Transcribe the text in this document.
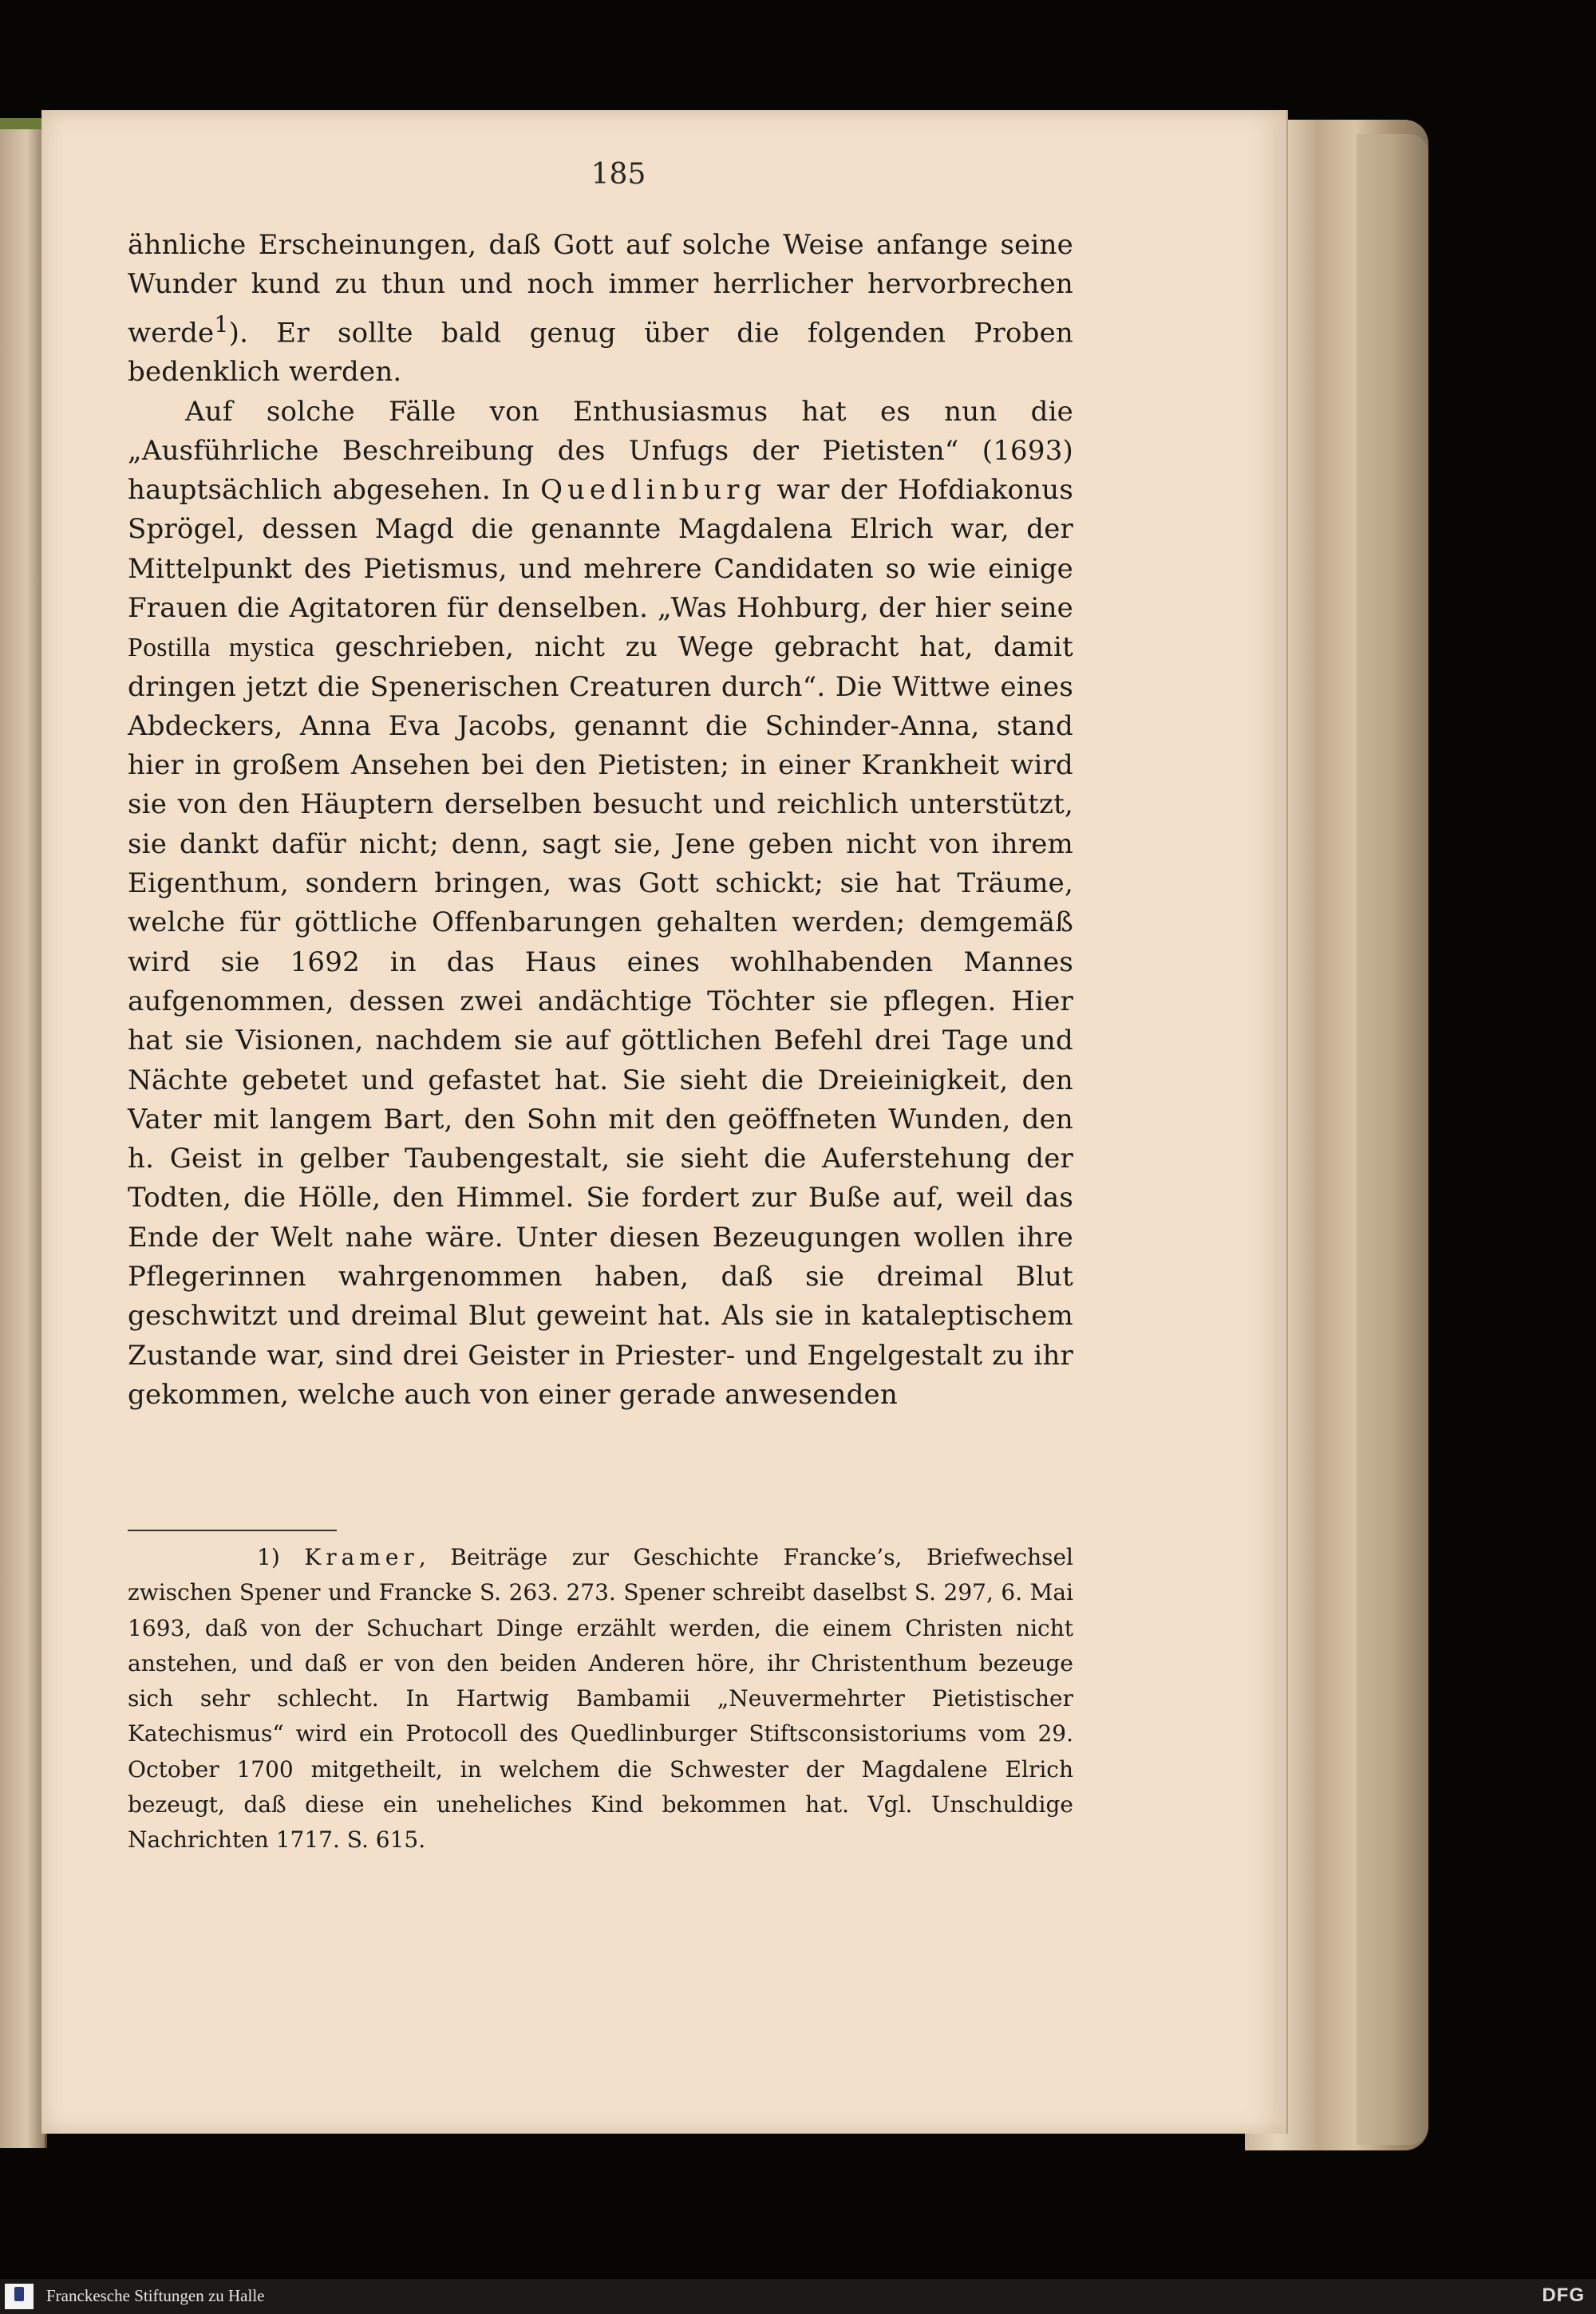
185

ähnliche Erscheinungen, daß Gott auf solche Weise anfange seine Wunder kund zu thun und noch immer herrlicher hervorbrechen werde$^1$). Er sollte bald genug über die folgenden Proben bedenklich werden.

Auf solche Fälle von Enthusiasmus hat es nun die „Ausführliche Beschreibung des Unfugs der Pietisten“ (1693) hauptsächlich abgesehen. In Quedlinburg war der Hofdiakonus Sprögel, dessen Magd die genannte Magdalena Elrich war, der Mittelpunkt des Pietismus, und mehrere Candidaten so wie einige Frauen die Agitatoren für denselben. „Was Hohburg, der hier seine Postilla mystica geschrieben, nicht zu Wege gebracht hat, damit dringen jetzt die Spenerischen Creaturen durch“. Die Wittwe eines Abdeckers, Anna Eva Jacobs, genannt die Schinder-Anna, stand hier in großem Ansehen bei den Pietisten; in einer Krankheit wird sie von den Häuptern derselben besucht und reichlich unterstützt, sie dankt dafür nicht; denn, sagt sie, Jene geben nicht von ihrem Eigenthum, sondern bringen, was Gott schickt; sie hat Träume, welche für göttliche Offenbarungen gehalten werden; demgemäß wird sie 1692 in das Haus eines wohlhabenden Mannes aufgenommen, dessen zwei andächtige Töchter sie pflegen. Hier hat sie Visionen, nachdem sie auf göttlichen Befehl drei Tage und Nächte gebetet und gefastet hat. Sie sieht die Dreieinigkeit, den Vater mit langem Bart, den Sohn mit den geöffneten Wunden, den h. Geist in gelber Taubengestalt, sie sieht die Auferstehung der Todten, die Hölle, den Himmel. Sie fordert zur Buße auf, weil das Ende der Welt nahe wäre. Unter diesen Bezeugungen wollen ihre Pflegerinnen wahrgenommen haben, daß sie dreimal Blut geschwitzt und dreimal Blut geweint hat. Als sie in kataleptischem Zustande war, sind drei Geister in Priester- und Engelgestalt zu ihr gekommen, welche auch von einer gerade anwesenden

1) Kramer, Beiträge zur Geschichte Francke’s, Briefwechsel zwischen Spener und Francke S. 263. 273. Spener schreibt daselbst S. 297, 6. Mai 1693, daß von der Schuchart Dinge erzählt werden, die einem Christen nicht anstehen, und daß er von den beiden Anderen höre, ihr Christenthum bezeuge sich sehr schlecht. In Hartwig Bambamii „Neuvermehrter Pietistischer Katechismus“ wird ein Protocoll des Quedlinburger Stiftsconsistoriums vom 29. October 1700 mitgetheilt, in welchem die Schwester der Magdalene Elrich bezeugt, daß diese ein uneheliches Kind bekommen hat. Vgl. Unschuldige Nachrichten 1717. S. 615.

Franckesche Stiftungen zu Halle	DFG
